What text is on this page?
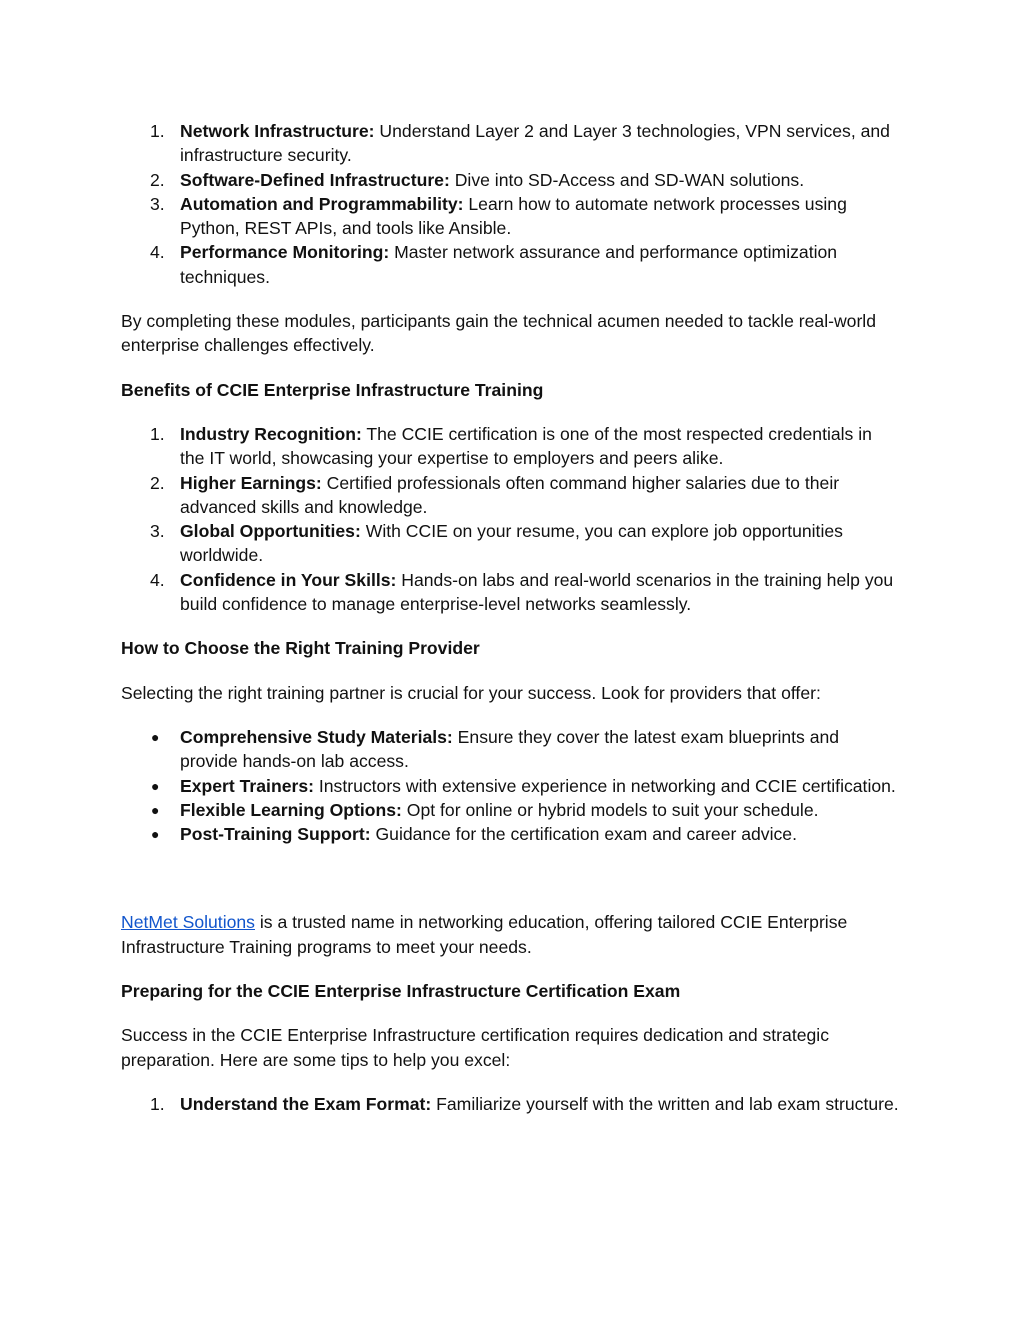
1. Network Infrastructure: Understand Layer 2 and Layer 3 technologies, VPN services, and infrastructure security.
2. Software-Defined Infrastructure: Dive into SD-Access and SD-WAN solutions.
3. Automation and Programmability: Learn how to automate network processes using Python, REST APIs, and tools like Ansible.
4. Performance Monitoring: Master network assurance and performance optimization techniques.

By completing these modules, participants gain the technical acumen needed to tackle real-world enterprise challenges effectively.

Benefits of CCIE Enterprise Infrastructure Training

1. Industry Recognition: The CCIE certification is one of the most respected credentials in the IT world, showcasing your expertise to employers and peers alike.
2. Higher Earnings: Certified professionals often command higher salaries due to their advanced skills and knowledge.
3. Global Opportunities: With CCIE on your resume, you can explore job opportunities worldwide.
4. Confidence in Your Skills: Hands-on labs and real-world scenarios in the training help you build confidence to manage enterprise-level networks seamlessly.

How to Choose the Right Training Provider

Selecting the right training partner is crucial for your success. Look for providers that offer:

● Comprehensive Study Materials: Ensure they cover the latest exam blueprints and provide hands-on lab access.
● Expert Trainers: Instructors with extensive experience in networking and CCIE certification.
● Flexible Learning Options: Opt for online or hybrid models to suit your schedule.
● Post-Training Support: Guidance for the certification exam and career advice.

NetMet Solutions is a trusted name in networking education, offering tailored CCIE Enterprise Infrastructure Training programs to meet your needs.

Preparing for the CCIE Enterprise Infrastructure Certification Exam

Success in the CCIE Enterprise Infrastructure certification requires dedication and strategic preparation. Here are some tips to help you excel:

1. Understand the Exam Format: Familiarize yourself with the written and lab exam structure.
